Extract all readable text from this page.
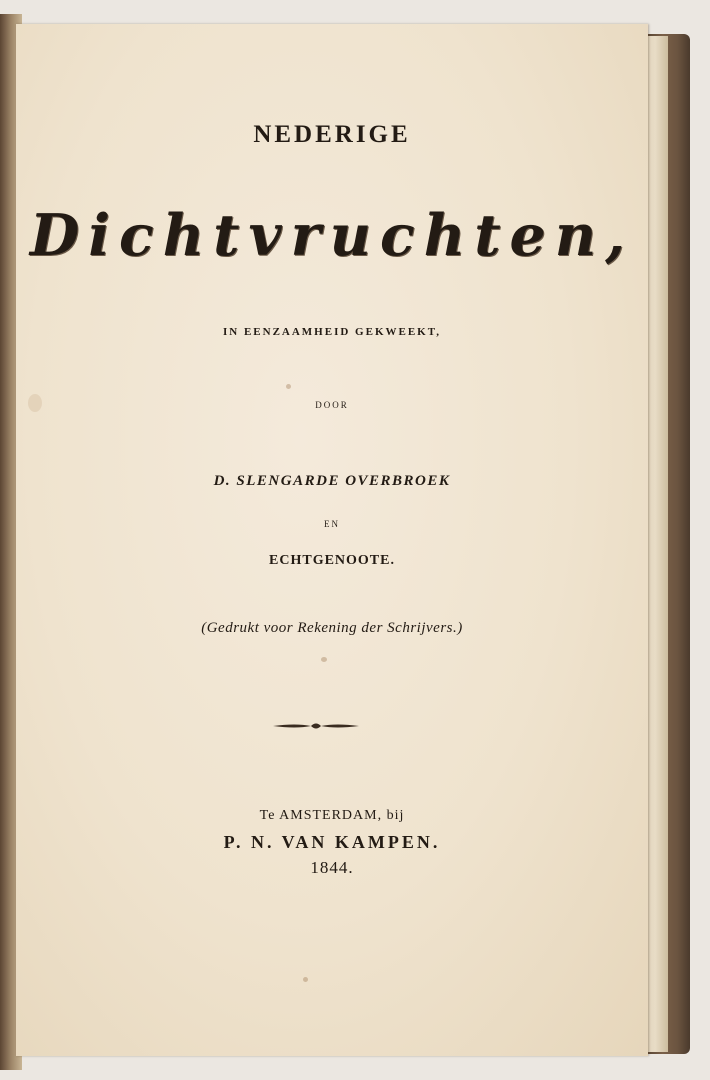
NEDERIGE
Dichtvruchten,
IN EENZAAMHEID GEKWEEKT,
DOOR
D. SLENGARDE OVERBROEK
EN
ECHTGENOOTE.
(Gedrukt voor Rekening der Schrijvers.)
Te AMSTERDAM, bij
P. N. VAN KAMPEN.
1844.
